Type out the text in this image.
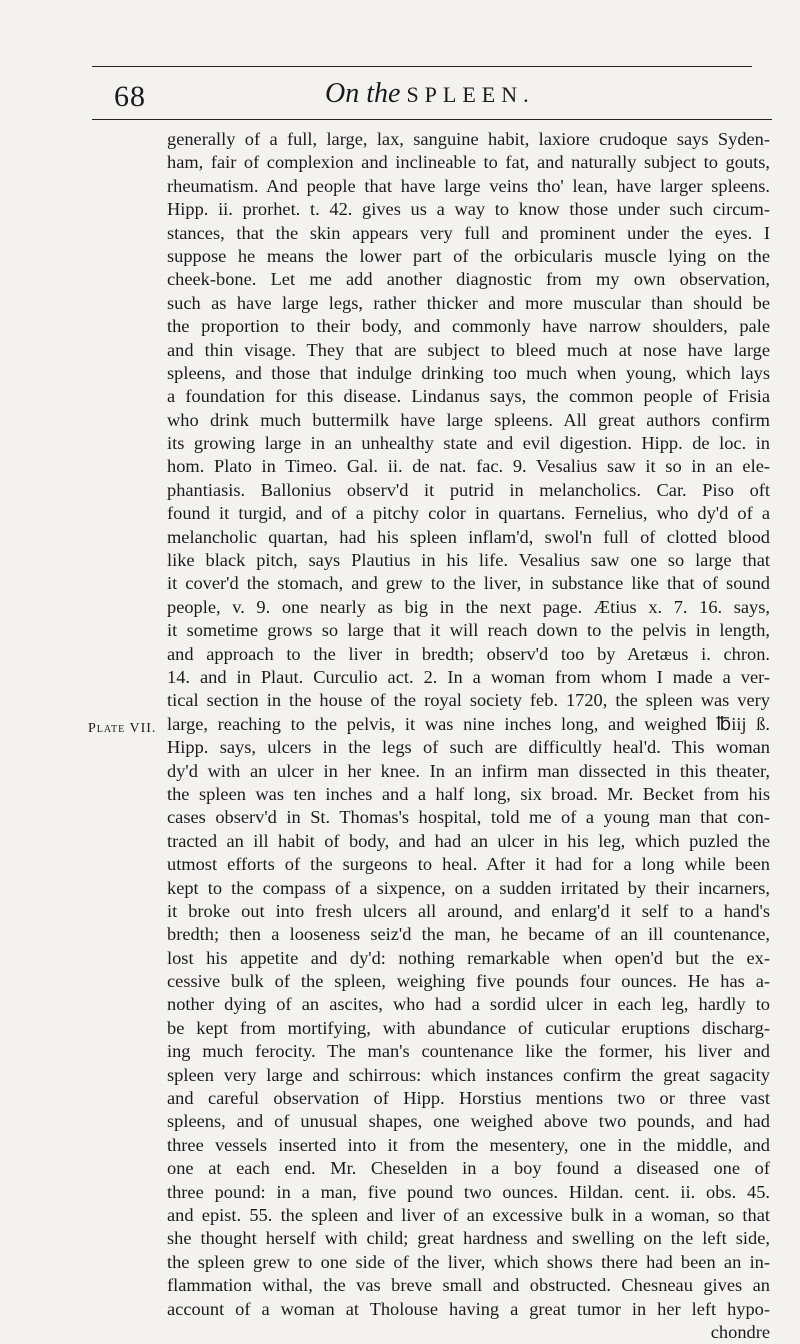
68	On the SPLEEN.
Plate VII.
generally of a full, large, lax, sanguine habit, laxiore crudoque says Syden-
ham, fair of complexion and inclineable to fat, and naturally subject to gouts,
rheumatism. And people that have large veins tho' lean, have larger spleens.
Hipp. ii. prorhet. t. 42. gives us a way to know those under such circum-
stances, that the skin appears very full and prominent under the eyes. I
suppose he means the lower part of the orbicularis muscle lying on the
cheek-bone. Let me add another diagnostic from my own observation,
such as have large legs, rather thicker and more muscular than should be
the proportion to their body, and commonly have narrow shoulders, pale
and thin visage. They that are subject to bleed much at nose have large
spleens, and those that indulge drinking too much when young, which lays
a foundation for this disease. Lindanus says, the common people of Frisia
who drink much buttermilk have large spleens. All great authors confirm
its growing large in an unhealthy state and evil digestion. Hipp. de loc. in
hom. Plato in Timeo. Gal. ii. de nat. fac. 9. Vesalius saw it so in an ele-
phantiasis. Ballonius observ'd it putrid in melancholics. Car. Piso oft
found it turgid, and of a pitchy color in quartans. Fernelius, who dy'd of a
melancholic quartan, had his spleen inflam'd, swol'n full of clotted blood
like black pitch, says Plautius in his life. Vesalius saw one so large that
it cover'd the stomach, and grew to the liver, in substance like that of sound
people, v. 9. one nearly as big in the next page. Ætius x. 7. 16. says,
it sometime grows so large that it will reach down to the pelvis in length,
and approach to the liver in bredth; observ'd too by Aretæus i. chron.
14. and in Plaut. Curculio act. 2. In a woman from whom I made a ver-
tical section in the house of the royal society feb. 1720, the spleen was very
large, reaching to the pelvis, it was nine inches long, and weighed ℔iij ß.
Hipp. says, ulcers in the legs of such are difficultly heal'd. This woman
dy'd with an ulcer in her knee. In an infirm man dissected in this theater,
the spleen was ten inches and a half long, six broad. Mr. Becket from his
cases observ'd in St. Thomas's hospital, told me of a young man that con-
tracted an ill habit of body, and had an ulcer in his leg, which puzled the
utmost efforts of the surgeons to heal. After it had for a long while been
kept to the compass of a sixpence, on a sudden irritated by their incarners,
it broke out into fresh ulcers all around, and enlarg'd it self to a hand's
bredth; then a looseness seiz'd the man, he became of an ill countenance,
lost his appetite and dy'd: nothing remarkable when open'd but the ex-
cessive bulk of the spleen, weighing five pounds four ounces. He has a-
nother dying of an ascites, who had a sordid ulcer in each leg, hardly to
be kept from mortifying, with abundance of cuticular eruptions discharg-
ing much ferocity. The man's countenance like the former, his liver and
spleen very large and schirrous: which instances confirm the great sagacity
and careful observation of Hipp. Horstius mentions two or three vast
spleens, and of unusual shapes, one weighed above two pounds, and had
three vessels inserted into it from the mesentery, one in the middle, and
one at each end. Mr. Cheselden in a boy found a diseased one of
three pound: in a man, five pound two ounces. Hildan. cent. ii. obs. 45.
and epist. 55. the spleen and liver of an excessive bulk in a woman, so that
she thought herself with child; great hardness and swelling on the left side,
the spleen grew to one side of the liver, which shows there had been an in-
flammation withal, the vas breve small and obstructed. Chesneau gives an
account of a woman at Tholouse having a great tumor in her left hypo-
chondre
